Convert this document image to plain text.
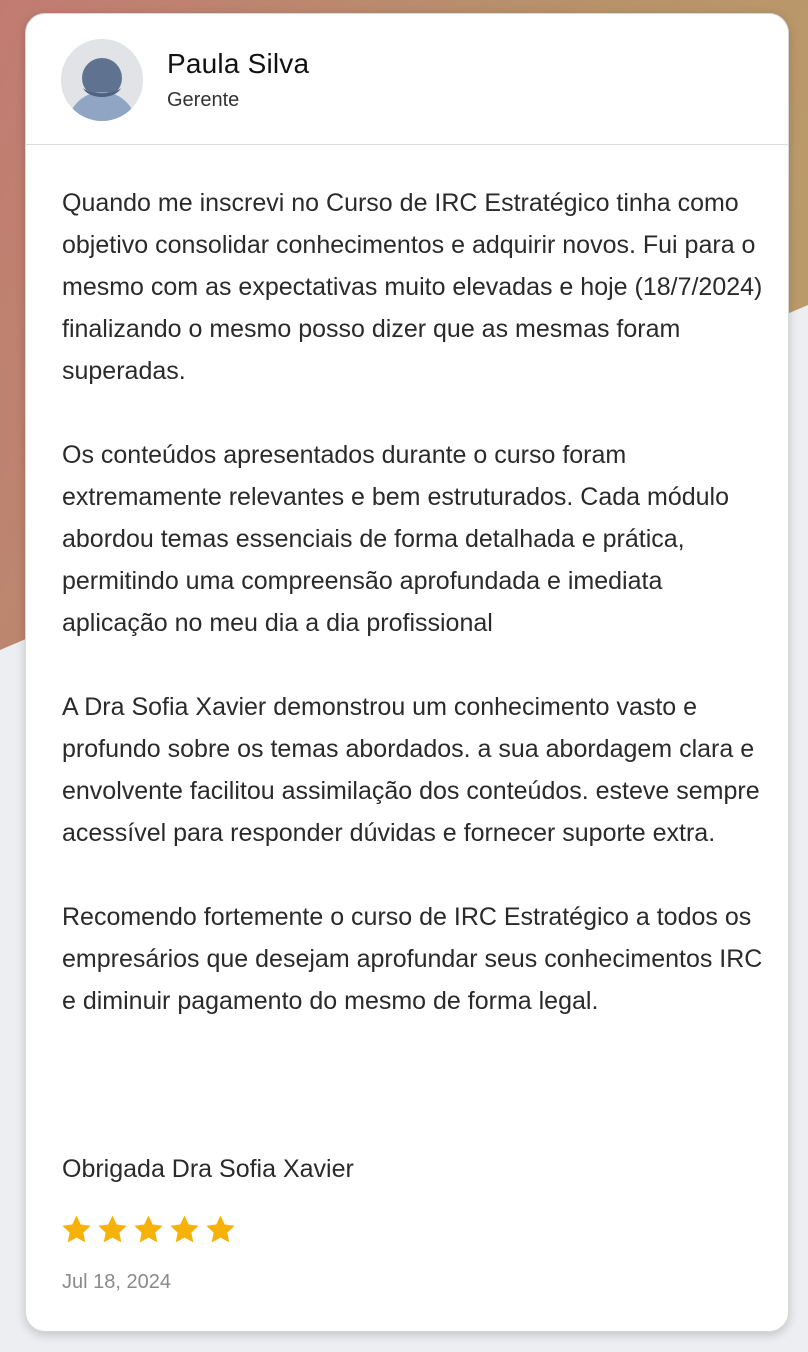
Paula Silva
Gerente

Quando me inscrevi no Curso de IRC Estratégico tinha como objetivo consolidar conhecimentos e adquirir novos. Fui para o mesmo com as expectativas muito elevadas e hoje (18/7/2024) finalizando o mesmo posso dizer que as mesmas foram superadas.

Os conteúdos apresentados durante o curso foram extremamente relevantes e bem estruturados. Cada módulo abordou temas essenciais de forma detalhada e prática, permitindo uma compreensão aprofundada e imediata aplicação no meu dia a dia profissional

A Dra Sofia Xavier demonstrou um conhecimento vasto e profundo sobre os temas abordados. a sua abordagem clara e envolvente facilitou assimilação dos conteúdos. esteve sempre acessível para responder dúvidas e fornecer suporte extra.

Recomendo fortemente o curso de IRC Estratégico a todos os empresários que desejam aprofundar seus conhecimentos IRC e diminuir pagamento do mesmo de forma legal.

Obrigada Dra Sofia Xavier
Jul 18, 2024
